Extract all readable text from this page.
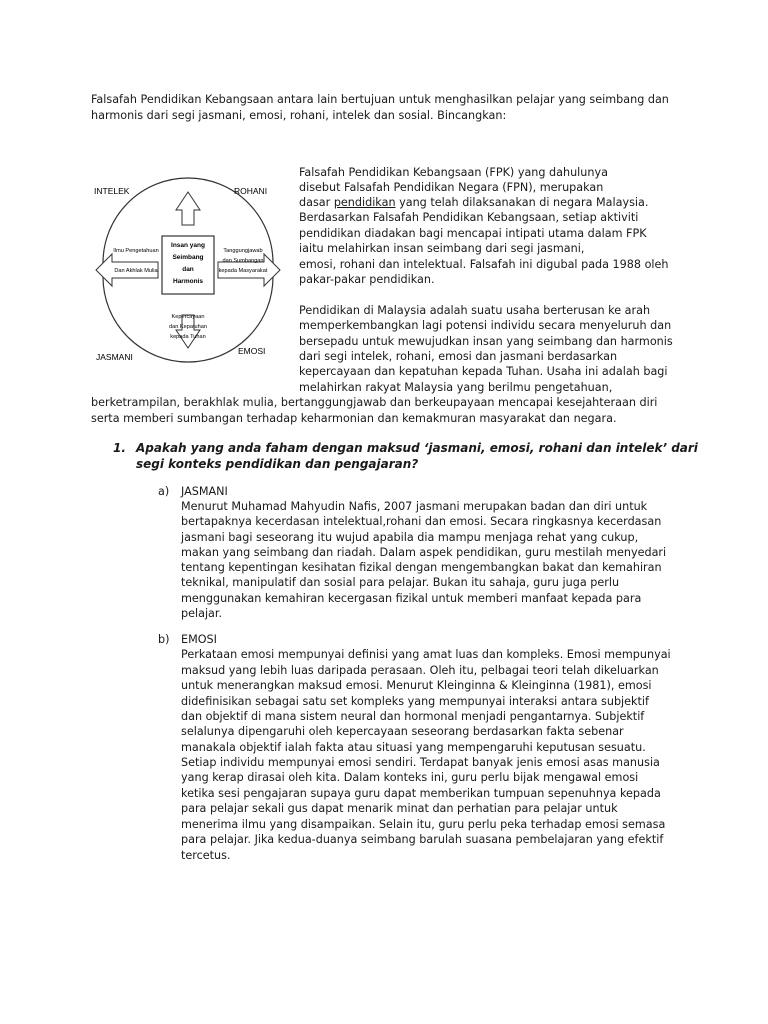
Falsafah Pendidikan Kebangsaan antara lain bertujuan untuk menghasilkan pelajar yang seimbang dan
harmonis dari segi jasmani, emosi, rohani, intelek dan sosial. Bincangkan:
Insan yang
Seimbang
dan
Harmonis
INTELEK	ROHANI
JASMANI
EMOSI
Ilmu Pengetahuan
Dan Akhlak Mulia
Tanggungjawab
dan Sumbangan
kepada Masyarakat
Kepercayaan
dan Kepatuhan
kepada Tuhan
Falsafah Pendidikan Kebangsaan (FPK) yang dahulunya
disebut Falsafah Pendidikan Negara (FPN), merupakan
dasar pendidikan yang telah dilaksanakan di negara Malaysia.
Berdasarkan Falsafah Pendidikan Kebangsaan, setiap aktiviti
pendidikan diadakan bagi mencapai intipati utama dalam FPK
iaitu melahirkan insan seimbang dari segi jasmani,
emosi, rohani dan intelektual. Falsafah ini digubal pada 1988 oleh
pakar-pakar pendidikan.
Pendidikan di Malaysia adalah suatu usaha berterusan ke arah
memperkembangkan lagi potensi individu secara menyeluruh dan
bersepadu untuk mewujudkan insan yang seimbang dan harmonis
dari segi intelek, rohani, emosi dan jasmani berdasarkan
kepercayaan dan kepatuhan kepada Tuhan. Usaha ini adalah bagi
melahirkan rakyat Malaysia yang berilmu pengetahuan,
berketrampilan, berakhlak mulia, bertanggungjawab dan berkeupayaan mencapai kesejahteraan diri
serta memberi sumbangan terhadap keharmonian dan kemakmuran masyarakat dan negara.
1. Apakah yang anda faham dengan maksud ‘jasmani, emosi, rohani dan intelek’ dari
segi konteks pendidikan dan pengajaran?
a) JASMANI
Menurut Muhamad Mahyudin Nafis, 2007 jasmani merupakan badan dan diri untuk
bertapaknya kecerdasan intelektual,rohani dan emosi. Secara ringkasnya kecerdasan
jasmani bagi seseorang itu wujud apabila dia mampu menjaga rehat yang cukup,
makan yang seimbang dan riadah. Dalam aspek pendidikan, guru mestilah menyedari
tentang kepentingan kesihatan fizikal dengan mengembangkan bakat dan kemahiran
teknikal, manipulatif dan sosial para pelajar. Bukan itu sahaja, guru juga perlu
menggunakan kemahiran kecergasan fizikal untuk memberi manfaat kepada para
pelajar.
b) EMOSI
Perkataan emosi mempunyai definisi yang amat luas dan kompleks. Emosi mempunyai
maksud yang lebih luas daripada perasaan. Oleh itu, pelbagai teori telah dikeluarkan
untuk menerangkan maksud emosi. Menurut Kleinginna & Kleinginna (1981), emosi
didefinisikan sebagai satu set kompleks yang mempunyai interaksi antara subjektif
dan objektif di mana sistem neural dan hormonal menjadi pengantarnya. Subjektif
selalunya dipengaruhi oleh kepercayaan seseorang berdasarkan fakta sebenar
manakala objektif ialah fakta atau situasi yang mempengaruhi keputusan sesuatu.
Setiap individu mempunyai emosi sendiri. Terdapat banyak jenis emosi asas manusia
yang kerap dirasai oleh kita. Dalam konteks ini, guru perlu bijak mengawal emosi
ketika sesi pengajaran supaya guru dapat memberikan tumpuan sepenuhnya kepada
para pelajar sekali gus dapat menarik minat dan perhatian para pelajar untuk
menerima ilmu yang disampaikan. Selain itu, guru perlu peka terhadap emosi semasa
para pelajar. Jika kedua-duanya seimbang barulah suasana pembelajaran yang efektif
tercetus.
